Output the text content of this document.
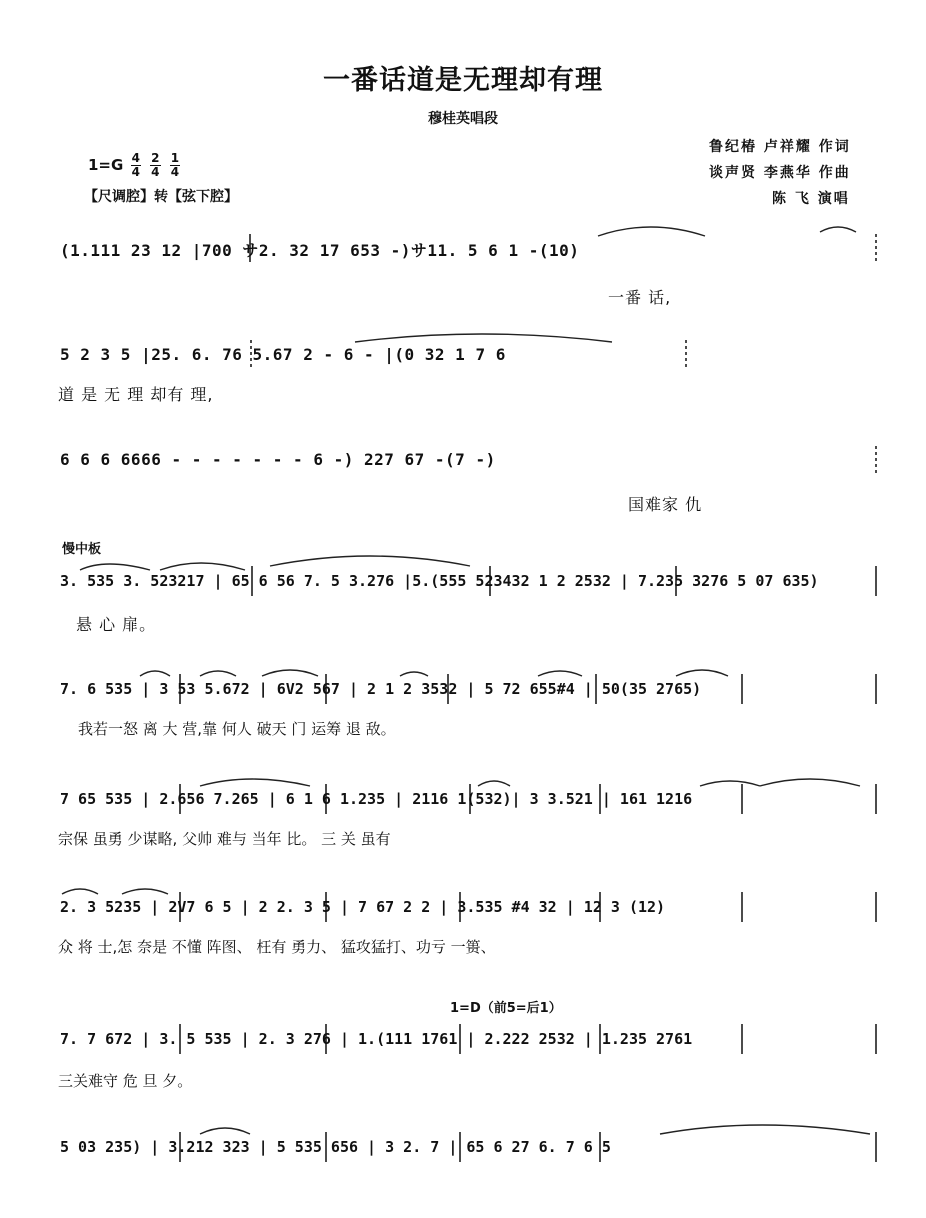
一番话道是无理却有理
穆桂英唱段
鲁纪椿 卢祥耀 作词
谈声贤 李燕华 作曲
陈 飞 演唱
$1=G \frac{4}{4}$
$\frac{2}{4}$
$\frac{1}{4}$
【尺调腔】转【弦下腔】
慢中板
1=D（前5=后1）
(1.111 23 12 |700 サ2. 32 17 653 -)サ11. 5 6 1 -(10)
一番 话,
5 2 3 5 |25. 6. 76 5.67 2 - 6 - |(0 32 1 7 6
道 是 无 理 却有 理,
6 6 6 6666 - - - - - - - 6 -) 227 67 -(7 -)
国难家 仇
3. 535 3. 523217 | 65 6 56 7. 5 3.276 |5.(555 523432 1 2 2532 | 7.235 3276 5 07 635)
悬 心 扉。
7. 6 535 | 3 53 5.672 | 6V2 567 | 2 1 2 3532 | 5 72 655#4 | 50(35 2765)
我若一怒 离 大 营,靠 何人 破天 门 运筹 退 敌。
7 65 535 | 2.656 7.265 | 6 1 6 1.235 | 2116 1(532)| 3 3.521 | 161 1216
宗保 虽勇 少谋略, 父帅 难与 当年 比。 三 关 虽有
2. 3 5235 | 2V7 6 5 | 2 2. 3 5 | 7 67 2 2 | 3.535 #4 32 | 12 3 (12)
众 将 士,怎 奈是 不懂 阵图、 枉有 勇力、 猛攻猛打、功亏 一篑、
7. 7 672 | 3. 5 535 | 2. 3 276 | 1.(111 1761 | 2.222 2532 | 1.235 2761
三关难守 危 旦 夕。
5 03 235) | 3.212 323 | 5 535 656 | 3 2. 7 | 65 6 27 6. 7 6 5
